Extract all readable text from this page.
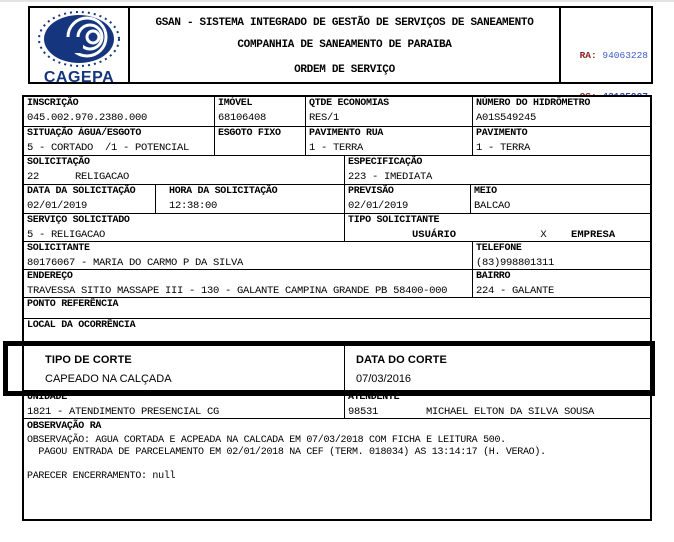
CAGEPA
GSAN - SISTEMA INTEGRADO DE GESTÃO DE SERVIÇOS DE SANEAMENTO
COMPANHIA DE SANEAMENTO DE PARAIBA
ORDEM DE SERVIÇO

RA: 94063228

INSCRIÇÃO
045.002.970.2380.000
IMÓVEL
68106408
QTDE ECONOMIAS
RES/1
NÚMERO DO HIDRÔMETRO
A01S549245
SITUAÇÃO ÁGUA/ESGOTO
5 - CORTADO  /1 - POTENCIAL
ESGOTO FIXO	PAVIMENTO RUA
1 - TERRA
PAVIMENTO
1 - TERRA
SOLICITAÇÃO
22      RELIGACAO
ESPECIFICAÇÃO
223 - IMEDIATA
DATA DA SOLICITAÇÃO
02/01/2019
HORA DA SOLICITAÇÃO
12:38:00
PREVISÃO
02/01/2019
MEIO
BALCAO
SERVIÇO SOLICITADO
5 - RELIGACAO
TIPO SOLICITANTE
USUÁRIO	X EMPRESA
SOLICITANTE
80176067 - MARIA DO CARMO P DA SILVA
TELEFONE
(83)998801311
ENDEREÇO
TRAVESSA SITIO MASSAPE III - 130 - GALANTE CAMPINA GRANDE PB 58400-000
BAIRRO
224 - GALANTE
PONTO REFERÊNCIA
LOCAL DA OCORRÊNCIA
TIPO DE CORTE
CAPEADO NA CALÇADA
DATA DO CORTE
07/03/2016
UNIDADE
1821 - ATENDIMENTO PRESENCIAL CG
ATENDENTE
98531        MICHAEL ELTON DA SILVA SOUSA
OBSERVAÇÃO RA
OBSERVAÇÃO: AGUA CORTADA E ACPEADA NA CALCADA EM 07/03/2018 COM FICHA E LEITURA 500.
PAGOU ENTRADA DE PARCELAMENTO EM 02/01/2018 NA CEF (TERM. 018034) AS 13:14:17 (H. VERAO).
PARECER ENCERRAMENTO: null
